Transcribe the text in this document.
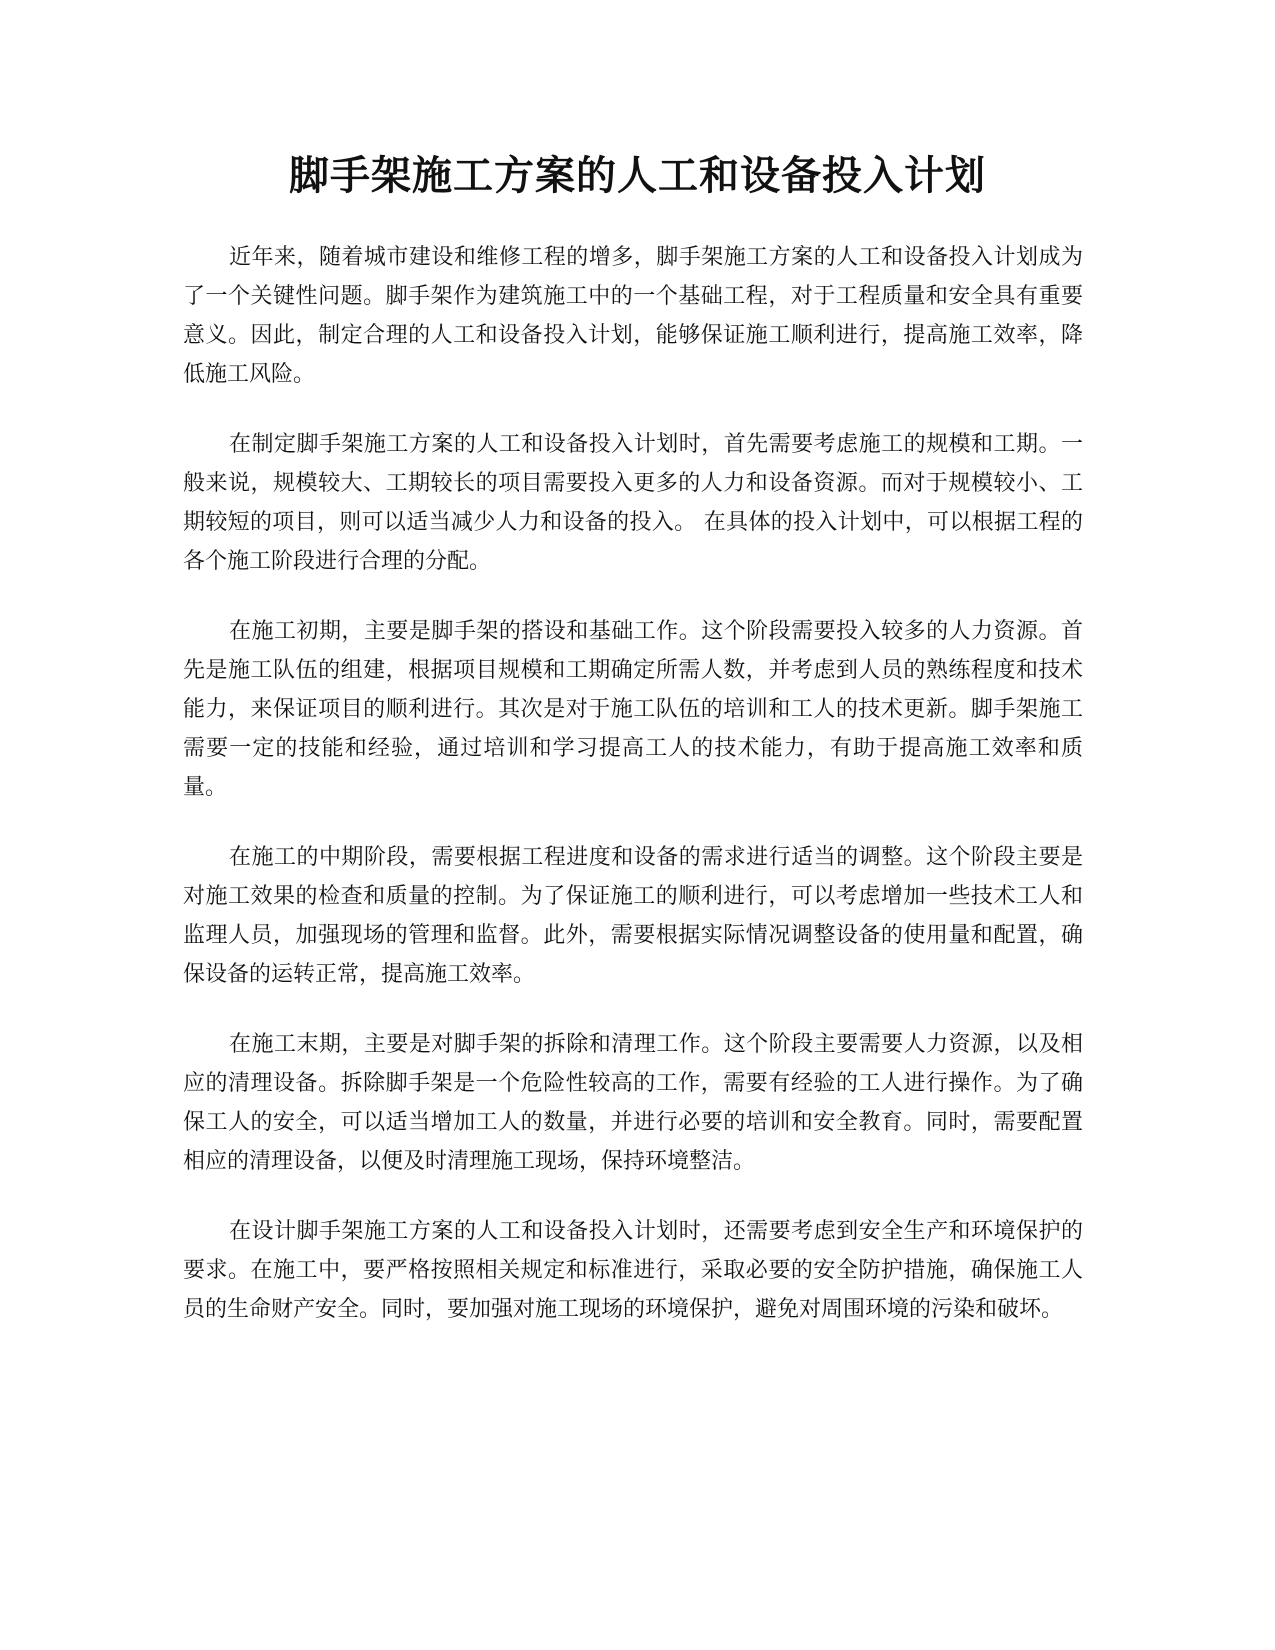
脚手架施工方案的人工和设备投入计划

近年来，随着城市建设和维修工程的增多，脚手架施工方案的人工和设备投入计划成为了一个关键性问题。脚手架作为建筑施工中的一个基础工程，对于工程质量和安全具有重要意义。因此，制定合理的人工和设备投入计划，能够保证施工顺利进行，提高施工效率，降低施工风险。

在制定脚手架施工方案的人工和设备投入计划时，首先需要考虑施工的规模和工期。一般来说，规模较大、工期较长的项目需要投入更多的人力和设备资源。而对于规模较小、工期较短的项目，则可以适当减少人力和设备的投入。 在具体的投入计划中，可以根据工程的各个施工阶段进行合理的分配。

在施工初期，主要是脚手架的搭设和基础工作。这个阶段需要投入较多的人力资源。首先是施工队伍的组建，根据项目规模和工期确定所需人数，并考虑到人员的熟练程度和技术能力，来保证项目的顺利进行。其次是对于施工队伍的培训和工人的技术更新。脚手架施工需要一定的技能和经验，通过培训和学习提高工人的技术能力，有助于提高施工效率和质量。

在施工的中期阶段，需要根据工程进度和设备的需求进行适当的调整。这个阶段主要是对施工效果的检查和质量的控制。为了保证施工的顺利进行，可以考虑增加一些技术工人和监理人员，加强现场的管理和监督。此外，需要根据实际情况调整设备的使用量和配置，确保设备的运转正常，提高施工效率。

在施工末期，主要是对脚手架的拆除和清理工作。这个阶段主要需要人力资源，以及相应的清理设备。拆除脚手架是一个危险性较高的工作，需要有经验的工人进行操作。为了确保工人的安全，可以适当增加工人的数量，并进行必要的培训和安全教育。同时，需要配置相应的清理设备，以便及时清理施工现场，保持环境整洁。

在设计脚手架施工方案的人工和设备投入计划时，还需要考虑到安全生产和环境保护的要求。在施工中，要严格按照相关规定和标准进行，采取必要的安全防护措施，确保施工人员的生命财产安全。同时，要加强对施工现场的环境保护，避免对周围环境的污染和破坏。
